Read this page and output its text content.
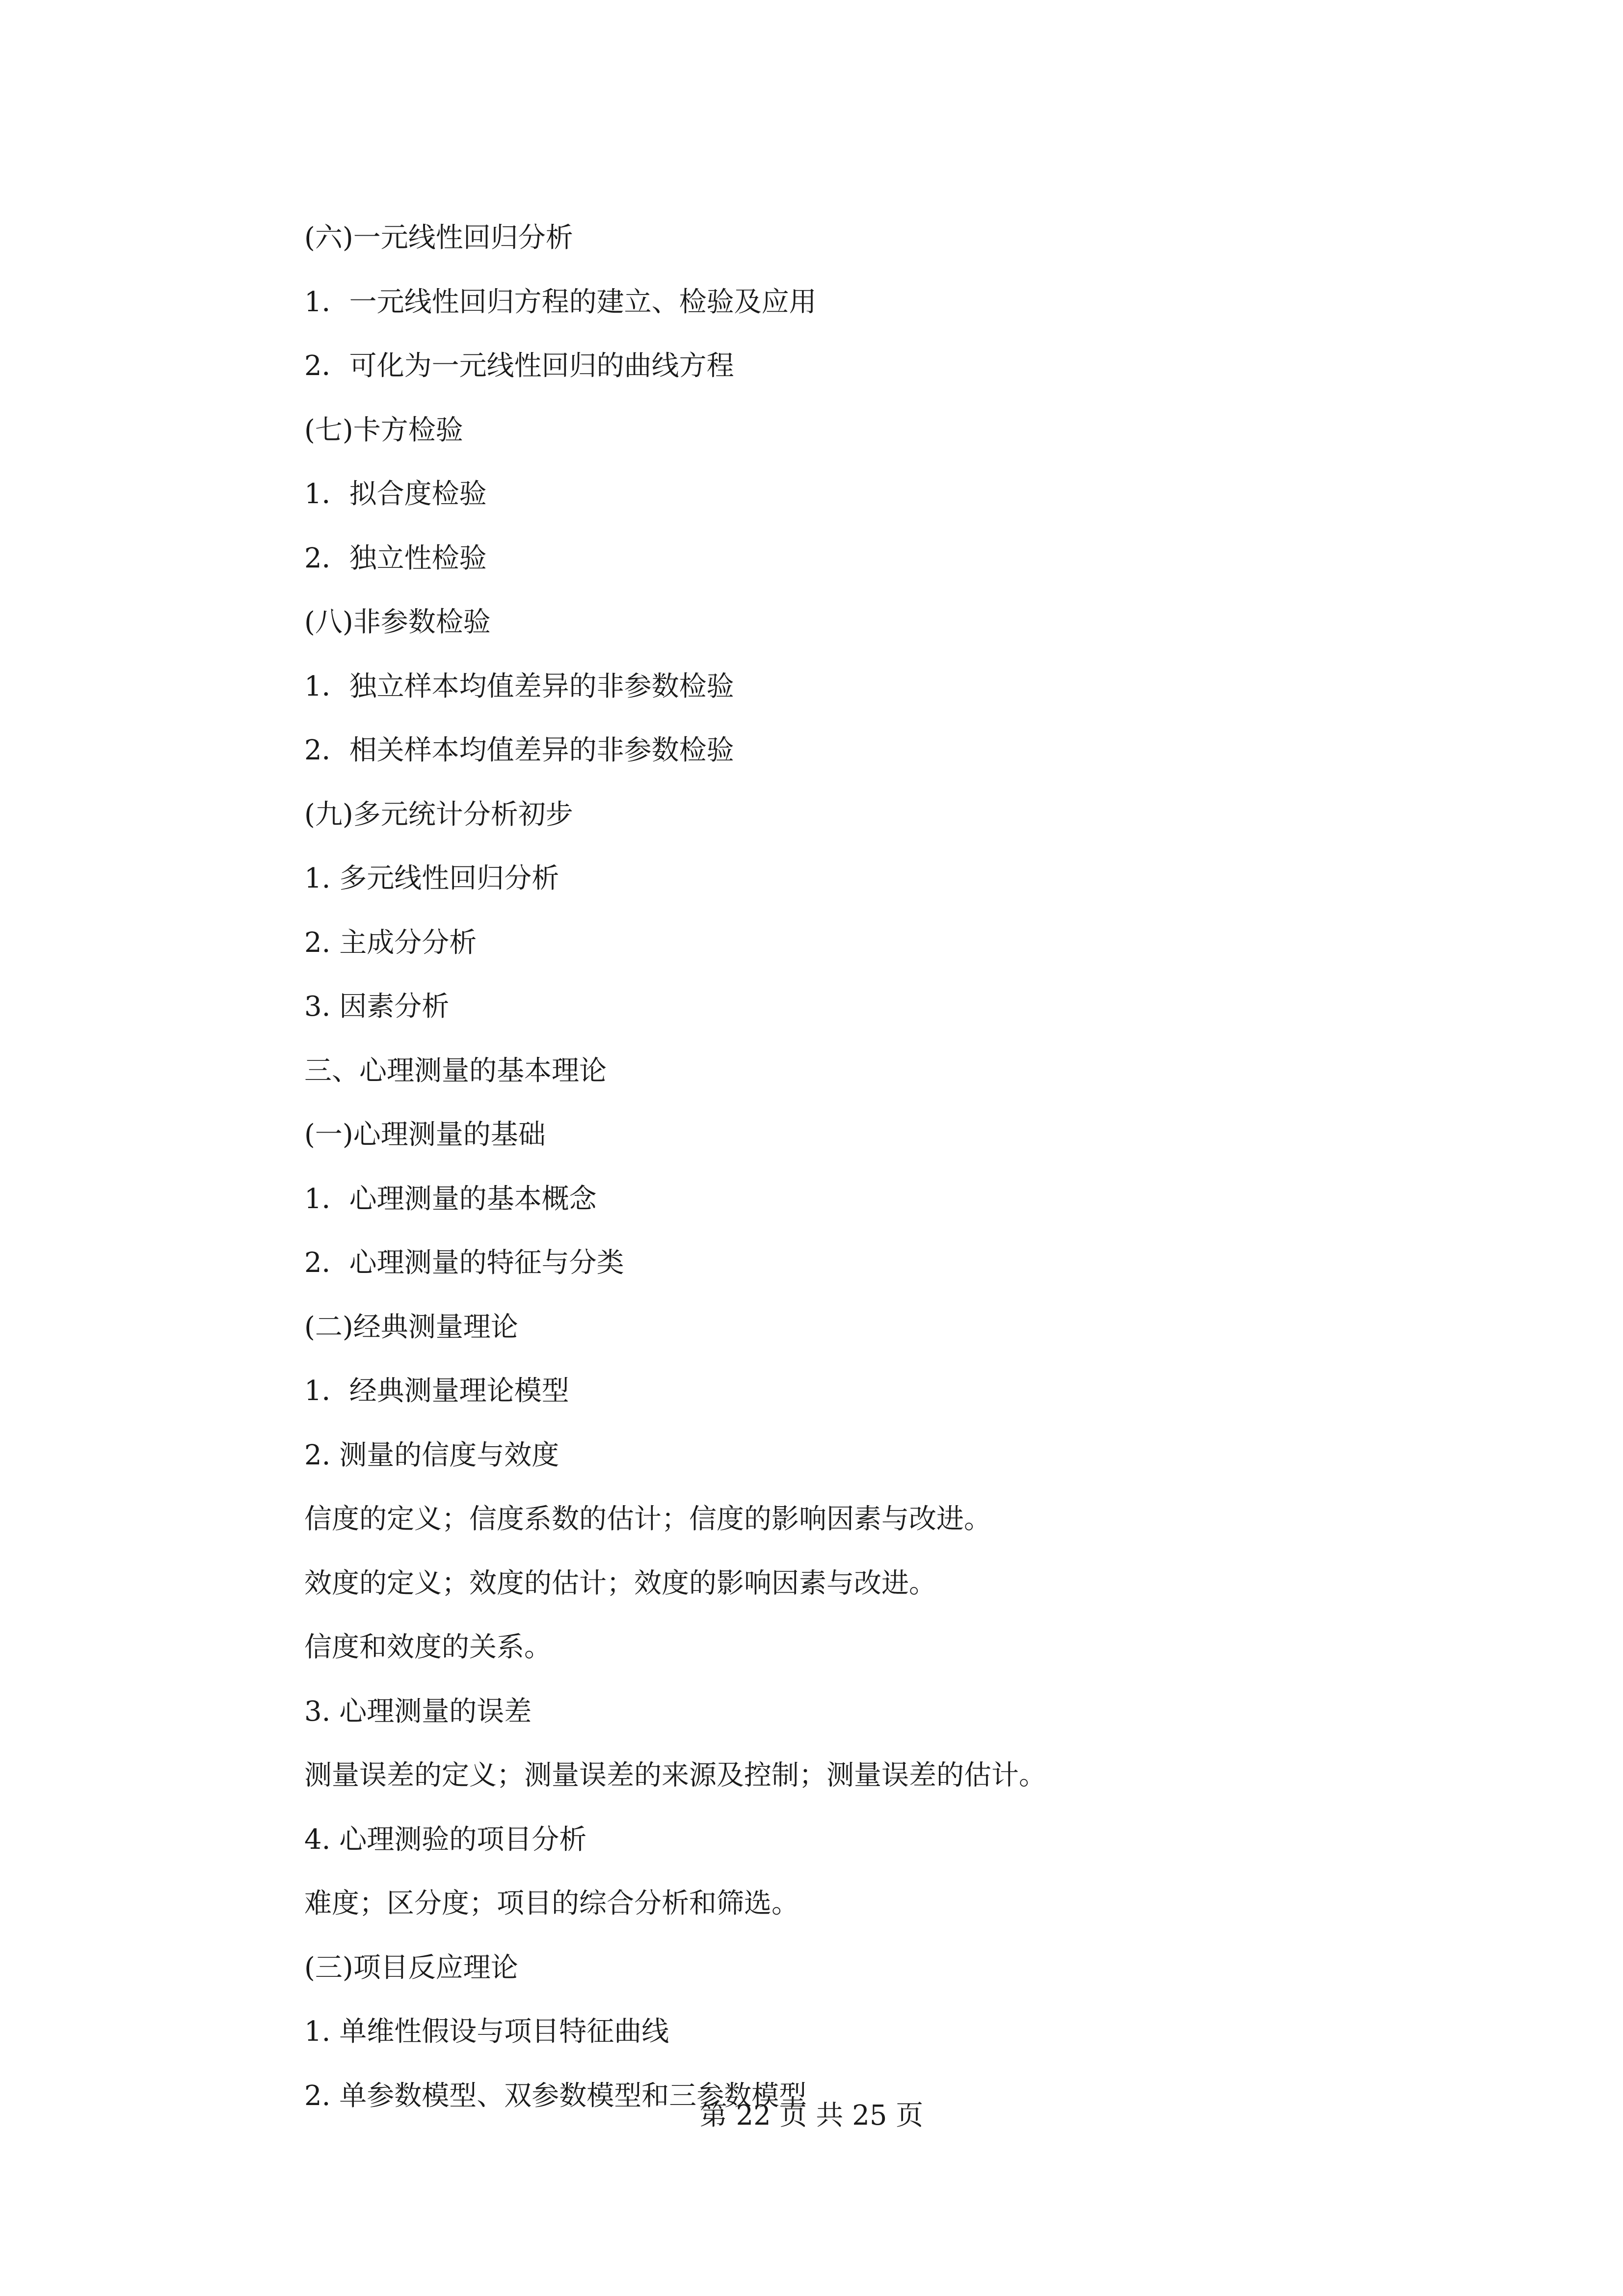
(六)一元线性回归分析
1．一元线性回归方程的建立、检验及应用
2．可化为一元线性回归的曲线方程
(七)卡方检验
1．拟合度检验
2．独立性检验
(八)非参数检验
1．独立样本均值差异的非参数检验
2．相关样本均值差异的非参数检验
(九)多元统计分析初步
1. 多元线性回归分析
2. 主成分分析
3. 因素分析
三、心理测量的基本理论
(一)心理测量的基础
1．心理测量的基本概念
2．心理测量的特征与分类
(二)经典测量理论
1．经典测量理论模型
2. 测量的信度与效度
信度的定义；信度系数的估计；信度的影响因素与改进。
效度的定义；效度的估计；效度的影响因素与改进。
信度和效度的关系。
3. 心理测量的误差
测量误差的定义；测量误差的来源及控制；测量误差的估计。
4. 心理测验的项目分析
难度；区分度；项目的综合分析和筛选。
(三)项目反应理论
1. 单维性假设与项目特征曲线
2. 单参数模型、双参数模型和三参数模型
第 22 页 共 25 页
